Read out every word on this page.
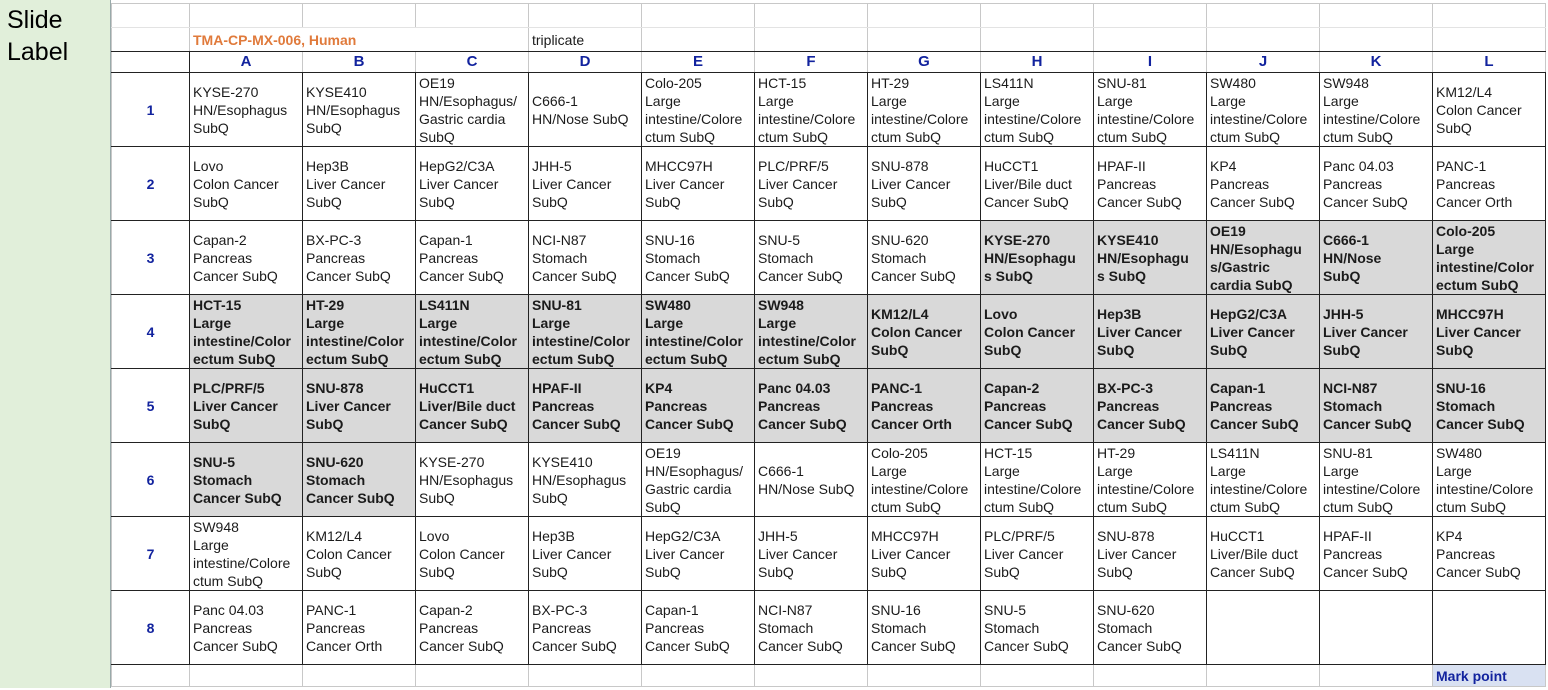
Slide
Label

		TMA-CP-MX-006, Human			triplicate								
	A	B	C	D	E	F	G	H	I	J	K	L
1	KYSE-270
HN/Esophagus
SubQ	KYSE410
HN/Esophagus
SubQ	OE19
HN/Esophagus/
Gastric cardia
SubQ	C666-1
HN/Nose SubQ	Colo-205
Large
intestine/Colore
ctum SubQ	HCT-15
Large
intestine/Colore
ctum SubQ	HT-29
Large
intestine/Colore
ctum SubQ	LS411N
Large
intestine/Colore
ctum SubQ	SNU-81
Large
intestine/Colore
ctum SubQ	SW480
Large
intestine/Colore
ctum SubQ	SW948
Large
intestine/Colore
ctum SubQ	KM12/L4
Colon Cancer
SubQ

2	Lovo
Colon Cancer
SubQ	Hep3B
Liver Cancer
SubQ	HepG2/C3A
Liver Cancer
SubQ	JHH-5
Liver Cancer
SubQ	MHCC97H
Liver Cancer
SubQ	PLC/PRF/5
Liver Cancer
SubQ	SNU-878
Liver Cancer
SubQ	HuCCT1
Liver/Bile duct
Cancer SubQ	HPAF-II
Pancreas
Cancer SubQ	KP4
Pancreas
Cancer SubQ	Panc 04.03
Pancreas
Cancer SubQ	PANC-1
Pancreas
Cancer Orth

3	Capan-2
Pancreas
Cancer SubQ	BX-PC-3
Pancreas
Cancer SubQ	Capan-1
Pancreas
Cancer SubQ	NCI-N87
Stomach
Cancer SubQ	SNU-16
Stomach
Cancer SubQ	SNU-5
Stomach
Cancer SubQ	SNU-620
Stomach
Cancer SubQ	KYSE-270
HN/Esophagu
s SubQ	KYSE410
HN/Esophagu
s SubQ	OE19
HN/Esophagu
s/Gastric
cardia SubQ	C666-1
HN/Nose
SubQ	Colo-205
Large
intestine/Color
ectum SubQ

4	HCT-15
Large
intestine/Color
ectum SubQ	HT-29
Large
intestine/Color
ectum SubQ	LS411N
Large
intestine/Color
ectum SubQ	SNU-81
Large
intestine/Color
ectum SubQ	SW480
Large
intestine/Color
ectum SubQ	SW948
Large
intestine/Color
ectum SubQ	KM12/L4
Colon Cancer
SubQ	Lovo
Colon Cancer
SubQ	Hep3B
Liver Cancer
SubQ	HepG2/C3A
Liver Cancer
SubQ	JHH-5
Liver Cancer
SubQ	MHCC97H
Liver Cancer
SubQ

5	PLC/PRF/5
Liver Cancer
SubQ	SNU-878
Liver Cancer
SubQ	HuCCT1
Liver/Bile duct
Cancer SubQ	HPAF-II
Pancreas
Cancer SubQ	KP4
Pancreas
Cancer SubQ	Panc 04.03
Pancreas
Cancer SubQ	PANC-1
Pancreas
Cancer Orth	Capan-2
Pancreas
Cancer SubQ	BX-PC-3
Pancreas
Cancer SubQ	Capan-1
Pancreas
Cancer SubQ	NCI-N87
Stomach
Cancer SubQ	SNU-16
Stomach
Cancer SubQ

6	SNU-5
Stomach
Cancer SubQ	SNU-620
Stomach
Cancer SubQ	KYSE-270
HN/Esophagus
SubQ	KYSE410
HN/Esophagus
SubQ	OE19
HN/Esophagus/
Gastric cardia
SubQ	C666-1
HN/Nose SubQ	Colo-205
Large
intestine/Colore
ctum SubQ	HCT-15
Large
intestine/Colore
ctum SubQ	HT-29
Large
intestine/Colore
ctum SubQ	LS411N
Large
intestine/Colore
ctum SubQ	SNU-81
Large
intestine/Colore
ctum SubQ	SW480
Large
intestine/Colore
ctum SubQ

7	SW948
Large
intestine/Colore
ctum SubQ	KM12/L4
Colon Cancer
SubQ	Lovo
Colon Cancer
SubQ	Hep3B
Liver Cancer
SubQ	HepG2/C3A
Liver Cancer
SubQ	JHH-5
Liver Cancer
SubQ	MHCC97H
Liver Cancer
SubQ	PLC/PRF/5
Liver Cancer
SubQ	SNU-878
Liver Cancer
SubQ	HuCCT1
Liver/Bile duct
Cancer SubQ	HPAF-II
Pancreas
Cancer SubQ	KP4
Pancreas
Cancer SubQ

8	Panc 04.03
Pancreas
Cancer SubQ	PANC-1
Pancreas
Cancer Orth	Capan-2
Pancreas
Cancer SubQ	BX-PC-3
Pancreas
Cancer SubQ	Capan-1
Pancreas
Cancer SubQ	NCI-N87
Stomach
Cancer SubQ	SNU-16
Stomach
Cancer SubQ	SNU-5
Stomach
Cancer SubQ	SNU-620
Stomach
Cancer SubQ			

												Mark point
